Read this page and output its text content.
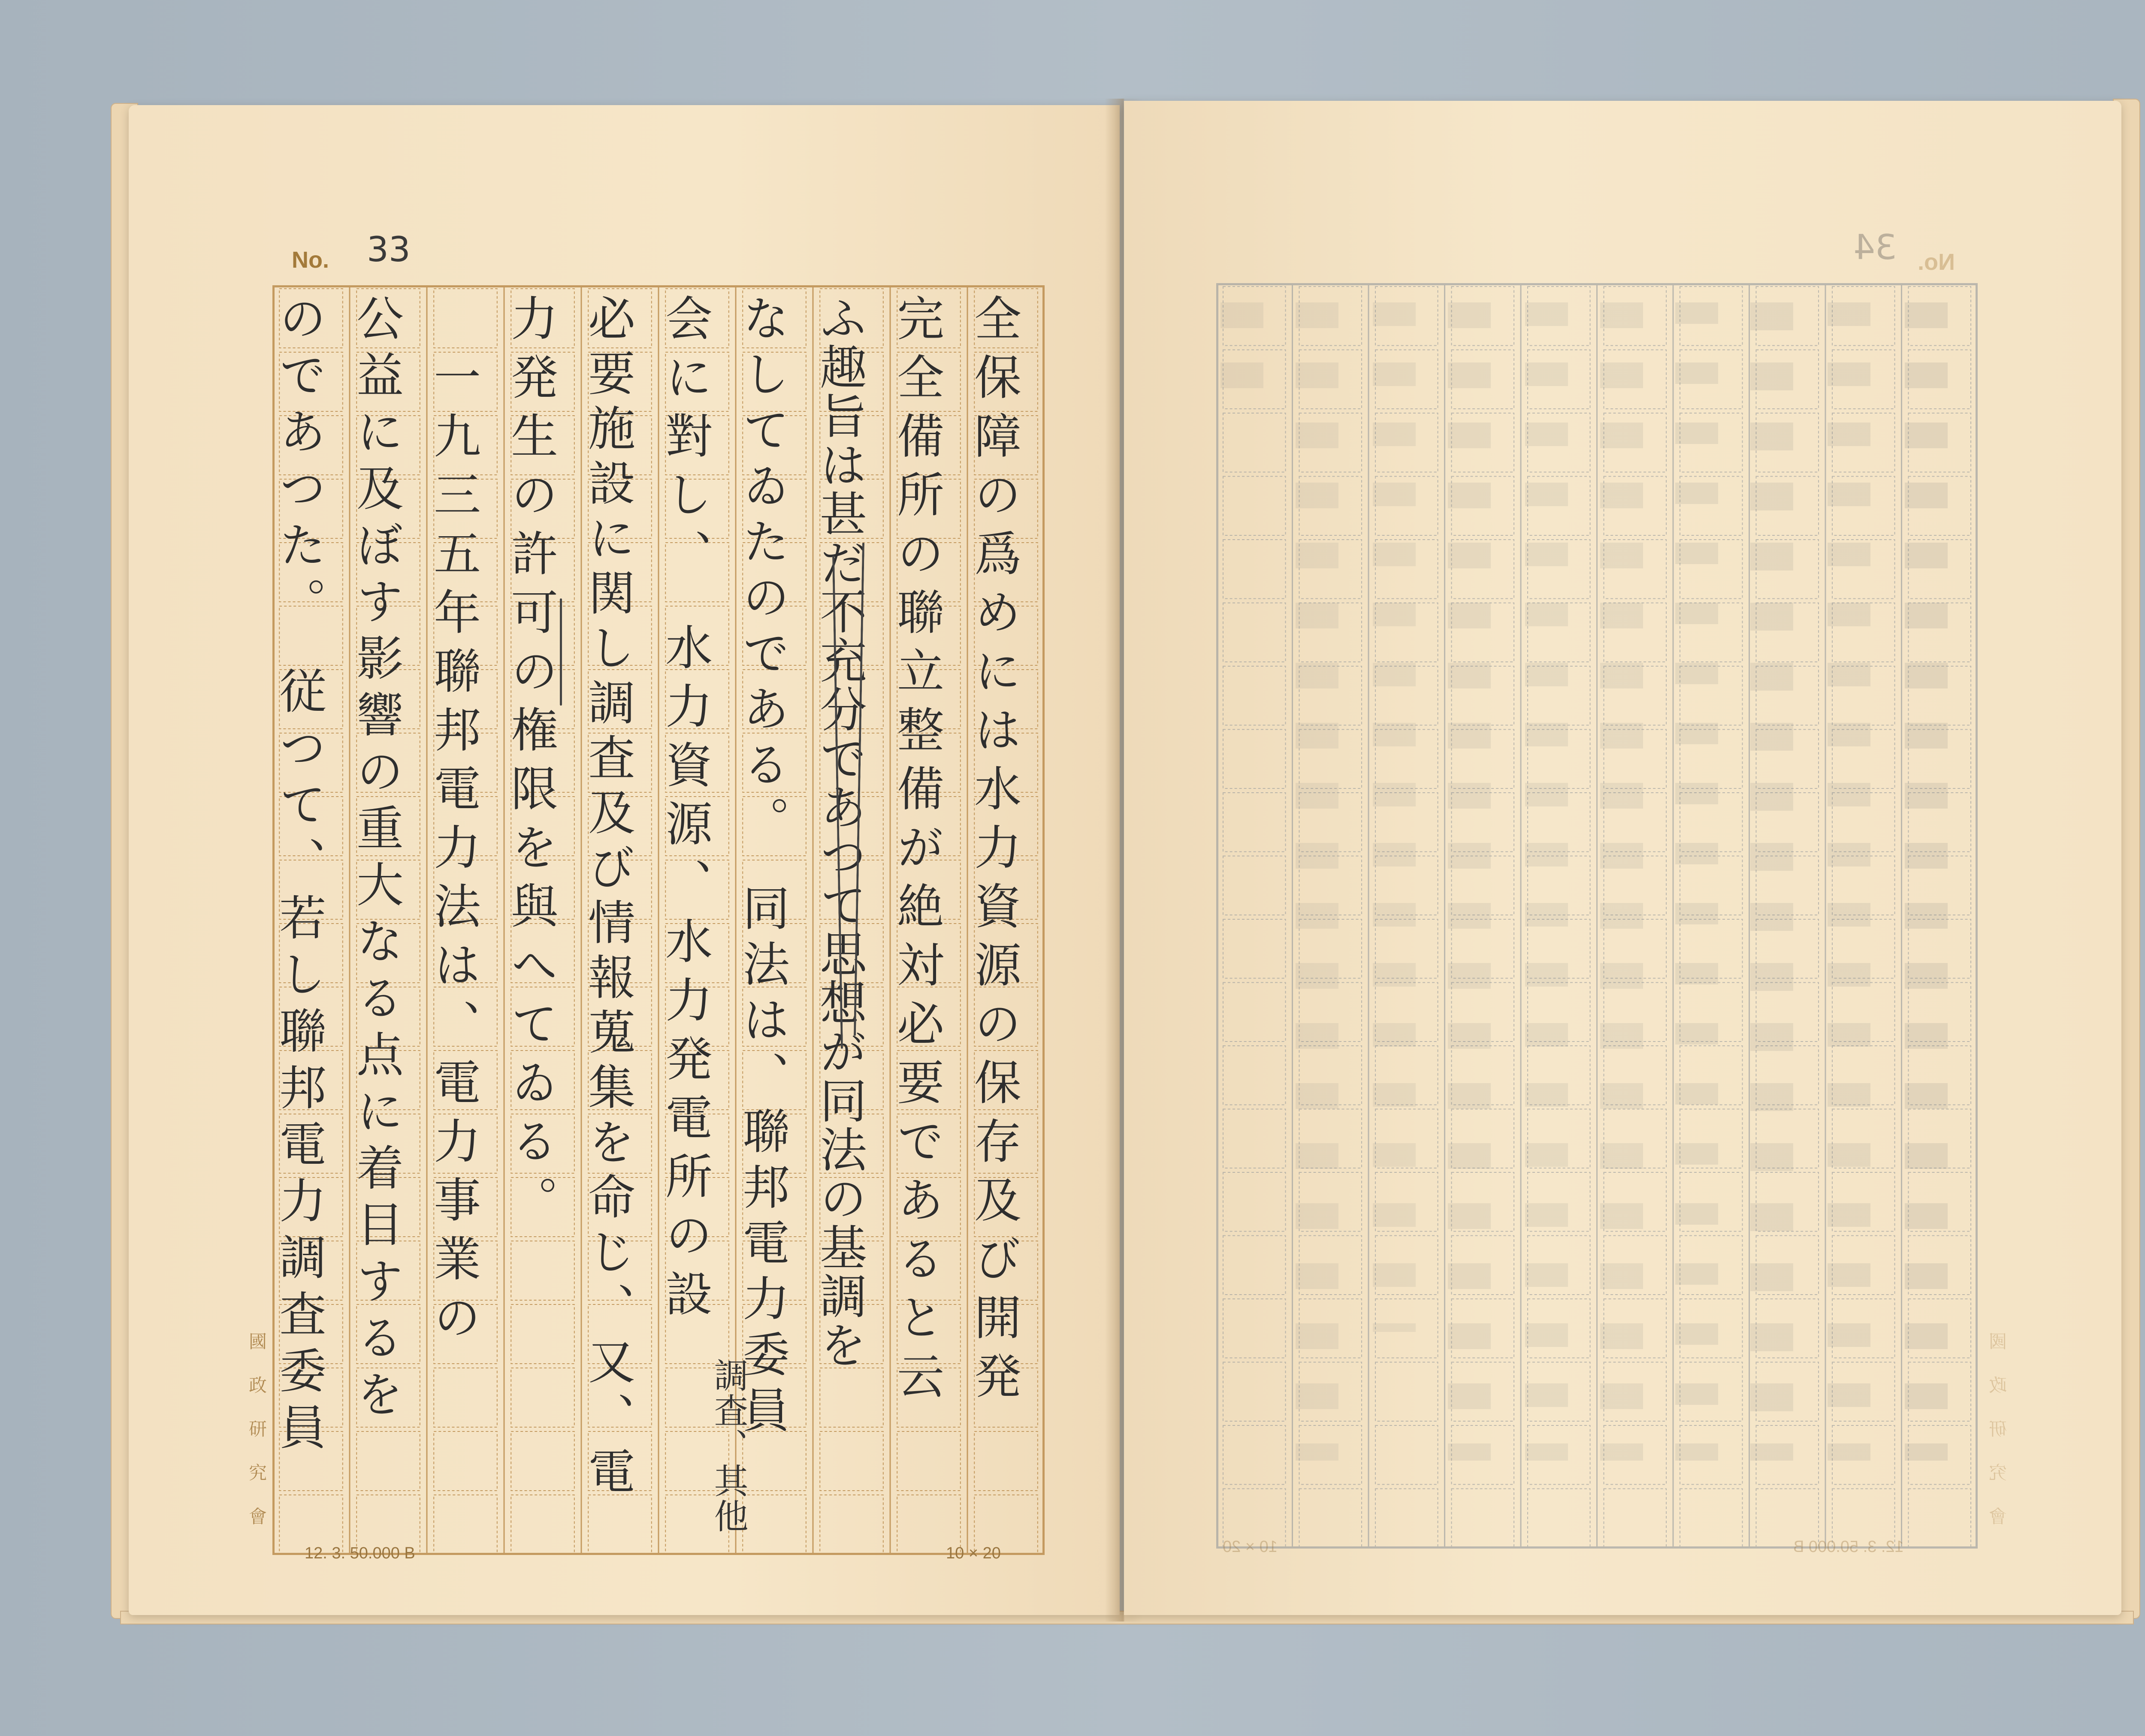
No. 33
全保障の爲めには水力資源の保存及び開発
完全備所の聯立整備が絶対必要であると云
ふ趣旨は甚だ不充分であつて思想が同法の基調を
なしてゐたのである。　同法は、聯邦電力委員
会に對し、　水力資源、水力発電所の設
必要施設に関し調査及び情報蒐集を命じ、又、電
力発生の許可の権限を與へてゐる。
　一九三五年聯邦電力法は、電力事業の
公益に及ぼす影響の重大なる点に着目するを
のであつた。　従つて、若し聯邦電力調査委員	調査、其他
國政研究會
12. 3. 50.000 B	10 × 20
No.
34
國政研究會
12. 3. 50.000 B
10 × 20
